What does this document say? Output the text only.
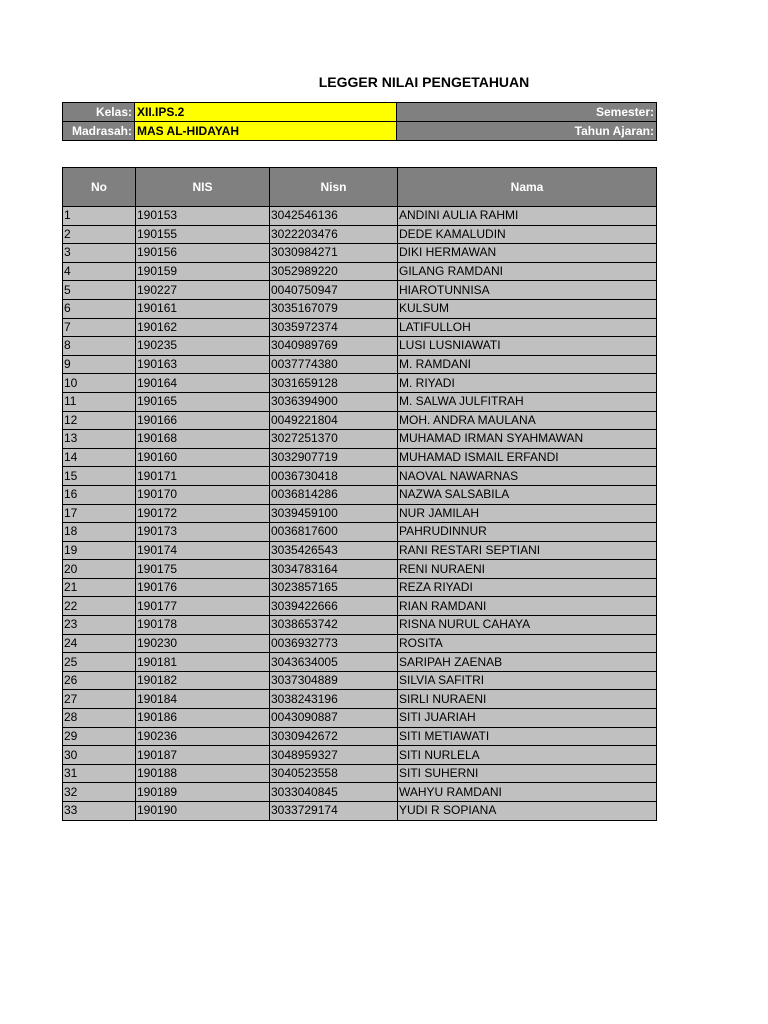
LEGGER NILAI PENGETAHUAN
Kelas:	XII.IPS.2	Semester:
Madrasah:	MAS AL-HIDAYAH	Tahun Ajaran:
No	NIS	Nisn	Nama
1	190153	3042546136	ANDINI AULIA RAHMI
2	190155	3022203476	DEDE KAMALUDIN
3	190156	3030984271	DIKI HERMAWAN
4	190159	3052989220	GILANG RAMDANI
5	190227	0040750947	HIAROTUNNISA
6	190161	3035167079	KULSUM
7	190162	3035972374	LATIFULLOH
8	190235	3040989769	LUSI LUSNIAWATI
9	190163	0037774380	M. RAMDANI
10	190164	3031659128	M. RIYADI
11	190165	3036394900	M. SALWA JULFITRAH
12	190166	0049221804	MOH. ANDRA MAULANA
13	190168	3027251370	MUHAMAD IRMAN SYAHMAWAN
14	190160	3032907719	MUHAMAD ISMAIL ERFANDI
15	190171	0036730418	NAOVAL NAWARNAS
16	190170	0036814286	NAZWA SALSABILA
17	190172	3039459100	NUR JAMILAH
18	190173	0036817600	PAHRUDINNUR
19	190174	3035426543	RANI RESTARI SEPTIANI
20	190175	3034783164	RENI NURAENI
21	190176	3023857165	REZA RIYADI
22	190177	3039422666	RIAN RAMDANI
23	190178	3038653742	RISNA NURUL CAHAYA
24	190230	0036932773	ROSITA
25	190181	3043634005	SARIPAH ZAENAB
26	190182	3037304889	SILVIA SAFITRI
27	190184	3038243196	SIRLI NURAENI
28	190186	0043090887	SITI JUARIAH
29	190236	3030942672	SITI METIAWATI
30	190187	3048959327	SITI NURLELA
31	190188	3040523558	SITI SUHERNI
32	190189	3033040845	WAHYU RAMDANI
33	190190	3033729174	YUDI R SOPIANA
